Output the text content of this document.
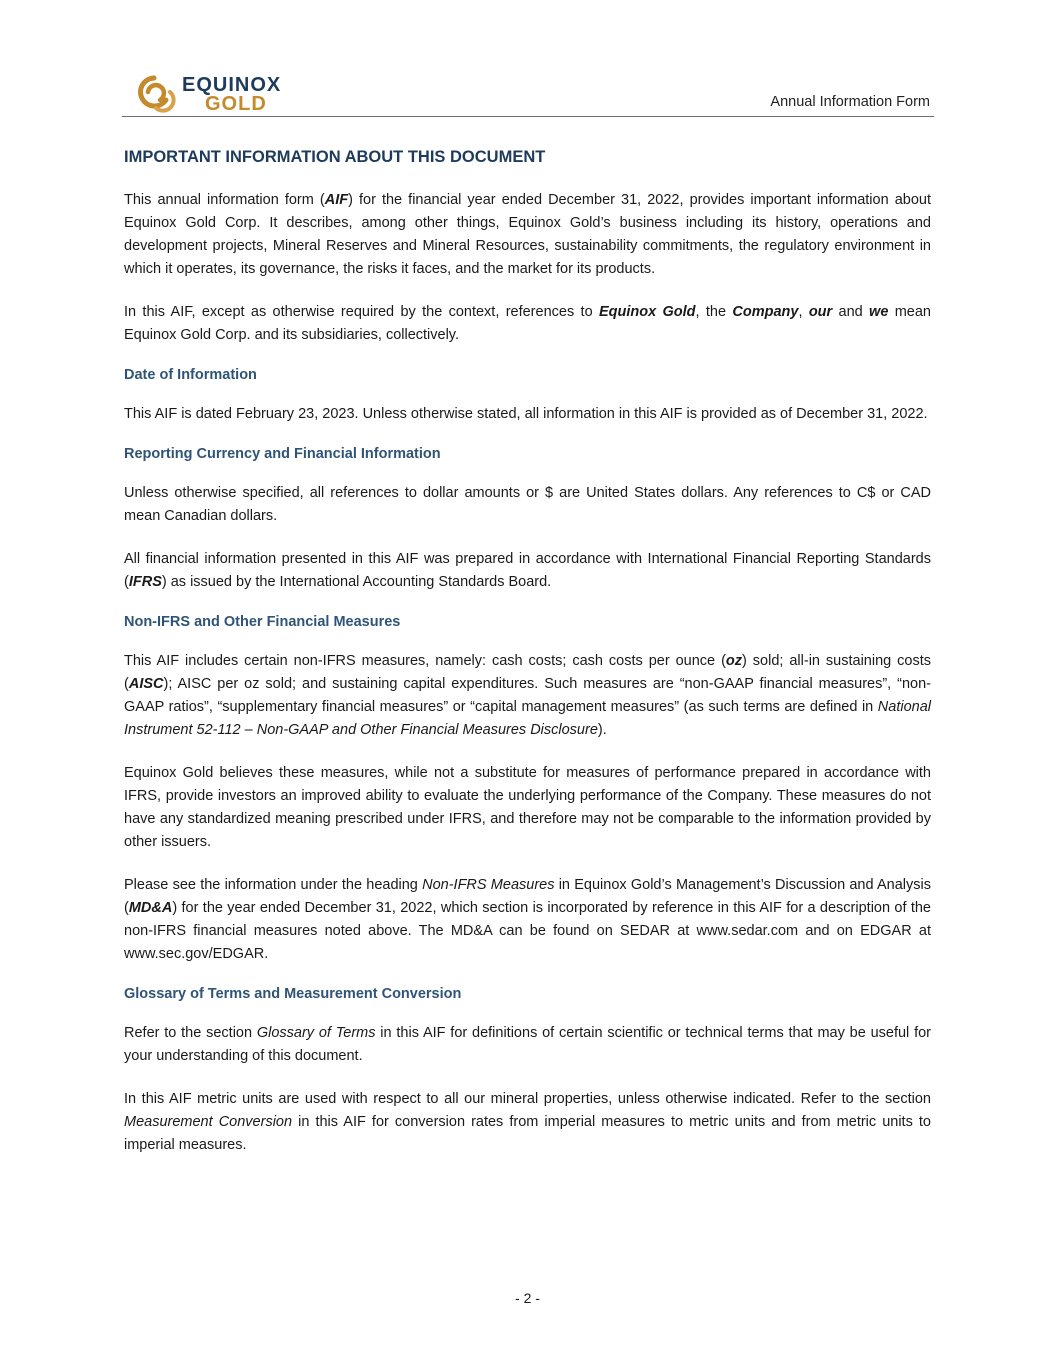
EQUINOX
GOLD	Annual Information Form
IMPORTANT INFORMATION ABOUT THIS DOCUMENT

This annual information form (AIF) for the financial year ended December 31, 2022, provides important information about Equinox Gold Corp. It describes, among other things, Equinox Gold’s business including its history, operations and development projects, Mineral Reserves and Mineral Resources, sustainability commitments, the regulatory environment in which it operates, its governance, the risks it faces, and the market for its products.

In this AIF, except as otherwise required by the context, references to Equinox Gold, the Company, our and we mean Equinox Gold Corp. and its subsidiaries, collectively.

Date of Information

This AIF is dated February 23, 2023. Unless otherwise stated, all information in this AIF is provided as of December 31, 2022.

Reporting Currency and Financial Information

Unless otherwise specified, all references to dollar amounts or $ are United States dollars. Any references to C$ or CAD mean Canadian dollars.

All financial information presented in this AIF was prepared in accordance with International Financial Reporting Standards (IFRS) as issued by the International Accounting Standards Board.

Non-IFRS and Other Financial Measures

This AIF includes certain non-IFRS measures, namely: cash costs; cash costs per ounce (oz) sold; all-in sustaining costs (AISC); AISC per oz sold; and sustaining capital expenditures. Such measures are “non-GAAP financial measures”, “non-GAAP ratios”, “supplementary financial measures” or “capital management measures” (as such terms are defined in National Instrument 52-112 – Non-GAAP and Other Financial Measures Disclosure).

Equinox Gold believes these measures, while not a substitute for measures of performance prepared in accordance with IFRS, provide investors an improved ability to evaluate the underlying performance of the Company. These measures do not have any standardized meaning prescribed under IFRS, and therefore may not be comparable to the information provided by other issuers.

Please see the information under the heading Non-IFRS Measures in Equinox Gold’s Management’s Discussion and Analysis (MD&A) for the year ended December 31, 2022, which section is incorporated by reference in this AIF for a description of the non-IFRS financial measures noted above. The MD&A can be found on SEDAR at www.sedar.com and on EDGAR at www.sec.gov/EDGAR.

Glossary of Terms and Measurement Conversion

Refer to the section Glossary of Terms in this AIF for definitions of certain scientific or technical terms that may be useful for your understanding of this document.

In this AIF metric units are used with respect to all our mineral properties, unless otherwise indicated. Refer to the section Measurement Conversion in this AIF for conversion rates from imperial measures to metric units and from metric units to imperial measures.

- 2 -
